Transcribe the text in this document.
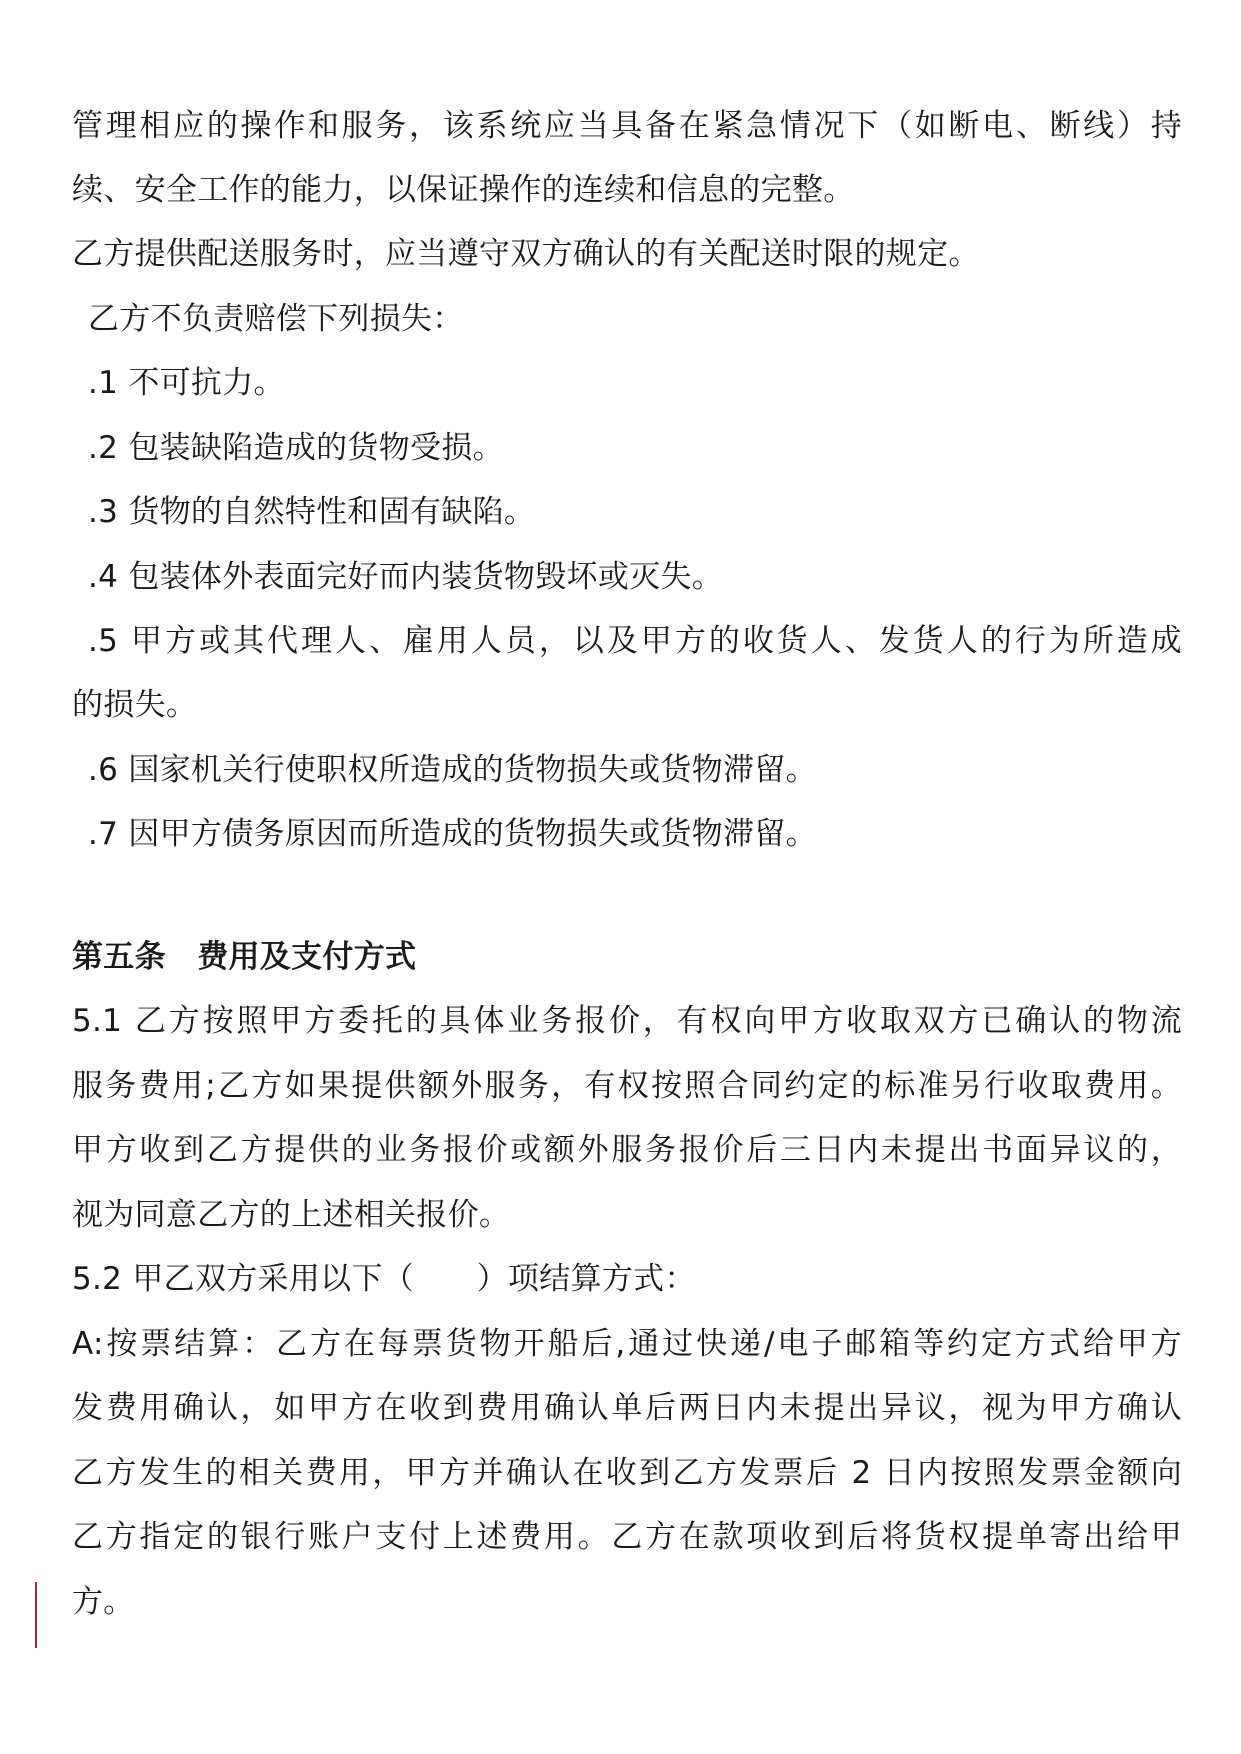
管理相应的操作和服务，该系统应当具备在紧急情况下（如断电、断线）持
续、安全工作的能力，以保证操作的连续和信息的完整。
乙方提供配送服务时，应当遵守双方确认的有关配送时限的规定。
乙方不负责赔偿下列损失：
.1 不可抗力。
.2 包装缺陷造成的货物受损。
.3 货物的自然特性和固有缺陷。
.4 包装体外表面完好而内装货物毁坏或灭失。
.5 甲方或其代理人、雇用人员，以及甲方的收货人、发货人的行为所造成
的损失。
.6 国家机关行使职权所造成的货物损失或货物滞留。
.7 因甲方债务原因而所造成的货物损失或货物滞留。
第五条　费用及支付方式
5.1 乙方按照甲方委托的具体业务报价，有权向甲方收取双方已确认的物流
服务费用;乙方如果提供额外服务，有权按照合同约定的标准另行收取费用。
甲方收到乙方提供的业务报价或额外服务报价后三日内未提出书面异议的，
视为同意乙方的上述相关报价。
5.2 甲乙双方采用以下（　　）项结算方式：
A:按票结算：乙方在每票货物开船后,通过快递/电子邮箱等约定方式给甲方
发费用确认，如甲方在收到费用确认单后两日内未提出异议，视为甲方确认
乙方发生的相关费用，甲方并确认在收到乙方发票后 2 日内按照发票金额向
乙方指定的银行账户支付上述费用。乙方在款项收到后将货权提单寄出给甲
方。
